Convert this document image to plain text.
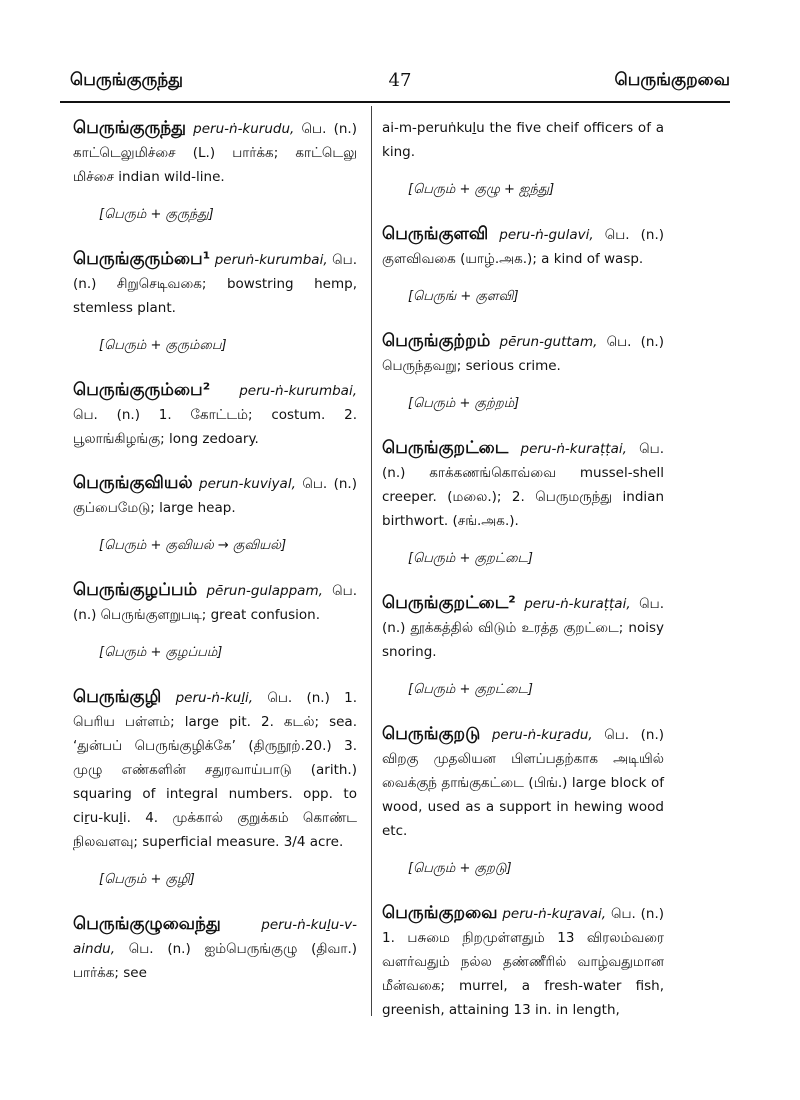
பெருங்குருந்து	47	பெருங்குறவை

பெருங்குருந்து peru-ṅ-kurudu, பெ. (n.) காட்டெலுமிச்சை (L.) பார்க்க; காட்டெலு மிச்சை indian wild-line.

[பெரும் + குருந்து]

பெருங்குரும்பை¹ peruṅ-kurumbai, பெ. (n.) சிறுசெடிவகை; bowstring hemp, stemless plant.

[பெரும் + குரும்பை]

பெருங்குரும்பை² peru-ṅ-kurumbai, பெ. (n.) 1. கோட்டம்; costum. 2. பூலாங்கிழங்கு; long zedoary.

பெருங்குவியல் perun-kuviyal, பெ. (n.) குப்பைமேடு; large heap.

[பெரும் + குவியல் → குவியல்]

பெருங்குழப்பம் pērun-gulappam, பெ. (n.) பெருங்குளறுபடி; great confusion.

[பெரும் + குழப்பம்]

பெருங்குழி peru-ṅ-kuḻi, பெ. (n.) 1. பெரிய பள்ளம்; large pit. 2. கடல்; sea. ‘துன்பப் பெருங்குழிக்கே’ (திருநூற்.20.) 3. முழு எண்களின் சதுரவாய்பாடு (arith.) squaring of integral numbers. opp. to ciṟu-kuḻi. 4. முக்கால் குறுக்கம் கொண்ட நிலவளவு; superficial measure. 3/4 acre.

[பெரும் + குழி]

பெருங்குழுவைந்து	peru-ṅ-kuḻu-v-aindu, பெ. (n.) ஐம்பெருங்குழு (திவா.) பார்க்க; see

ai-m-peruṅkuḻu the five cheif officers of a king.

[பெரும் + குழு + ஐந்து]

பெருங்குளவி peru-ṅ-gulavi, பெ. (n.) குளவிவகை (யாழ்.அக.); a kind of wasp.

[பெருங் + குளவி]

பெருங்குற்றம் pērun-guttam, பெ. (n.) பெருந்தவறு; serious crime.

[பெரும் + குற்றம்]

பெருங்குறட்டை peru-ṅ-kuraṭṭai, பெ. (n.) காக்கணங்கொவ்வை mussel-shell creeper. (மலை.); 2. பெருமருந்து indian birthwort. (சங்.அக.).

[பெரும் + குறட்டை]

பெருங்குறட்டை² peru-ṅ-kuraṭṭai, பெ. (n.) தூக்கத்தில் விடும் உரத்த குறட்டை; noisy snoring.

[பெரும் + குறட்டை]

பெருங்குறடு peru-ṅ-kuṟadu, பெ. (n.) விறகு முதலியன பிளப்பதற்காக அடியில் வைக்குந் தாங்குகட்டை (பிங்.) large block of wood, used as a support in hewing wood etc.

[பெரும் + குறடு]

பெருங்குறவை peru-ṅ-kuṟavai, பெ. (n.) 1. பசுமை நிறமுள்ளதும் 13 விரலம்வரை வளர்வதும் நல்ல தண்ணீரில் வாழ்வதுமான மீன்வகை; murrel, a fresh-water fish, greenish, attaining 13 in. in length,
